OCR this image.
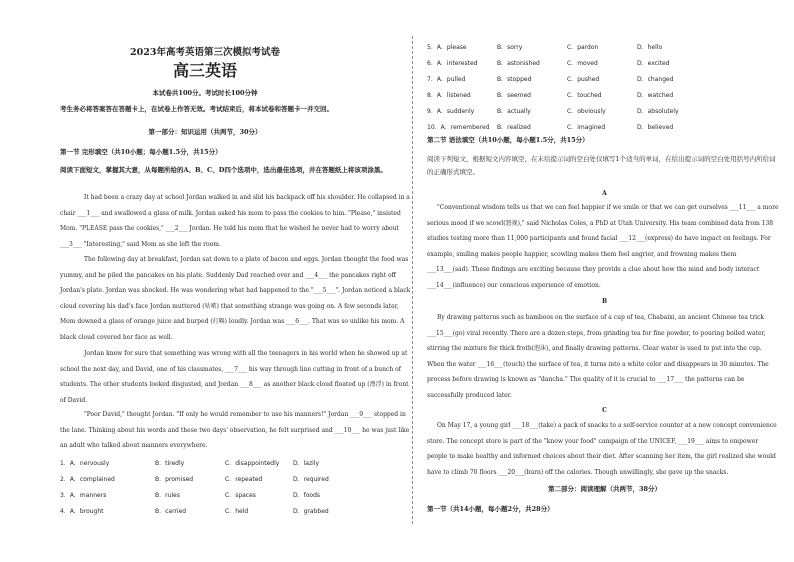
2023年高考英语第三次模拟考试卷
高三英语
本试卷共100分。考试时长100分钟
考生务必将答案答在答题卡上，在试卷上作答无效。考试结束后，将本试卷和答题卡一并交回。
第一部分：知识运用（共两节，30分）
第一节 完形填空（共10小题；每小题1.5分，共15分）
阅读下面短文，掌握其大意，从每题所给的A、B、C、D四个选项中，选出最佳选项，并在答题纸上将该项涂黑。
It had been a crazy day at school Jordan walked in and slid his backpack off his shoulder. He collapsed in a chair ___1___ and swallowed a glass of milk. Jordan asked his mom to pass the cookies to him. "Please," insisted Mom. "PLEASE pass the cookies," ___2___ Jordan. He told his mom that he wished he never had to worry about ___3___ "Interesting," said Mom as she left the room.
The following day at breakfast, Jordan sat down to a plate of bacon and eggs. Jordan thought the food was yummy, and he piled the pancakes on his plate. Suddenly Dad reached over and ___4___ the pancakes right off Jordan's plate. Jordan was shocked. He was wondering what had happened to the "___5___". Jordan noticed a black cloud covering his dad's face Jordan muttered (咕哝) that something strange was going on. A few seconds later, Mom downed a glass of orange juice and burped (打嗝) loudly. Jordan was ___6___. That was so unlike his mom. A black cloud covered her face as well.
Jordan knew for sure that something was wrong with all the teenagers in his world when he showed up at school the next day, and David, one of his classmates, ___7___ his way through line cutting in front of a bunch of students. The other students looked disgusted, and Jordan ___8___ as another black cloud floated up (漂浮) in front of David.
"Poor David," thought Jordan. "If only he would remember to use his manners!" Jordan ___9___ stopped in the lane. Thinking about his words and these two days' observation, he felt surprised and ___10___ he was just like an adult who talked about manners everywhere.
1．A．nervously	B．tiredly	C．disappointedly D．lazily
2．A．complained	B．promised	C．repeated	D．required
3．A．manners	B．rules	C．spaces	D．foods
4．A．brought	B．carried	C．held	D．grabbed
5．A．please	B．sorry	C．pardon	D．hello
6．A．interested	B．astonished	C．moved	D．excited
7．A．pulled	B．stopped	C．pushed	D．changed
8．A．listened	B．seemed	C．touched	D．watched
9．A．suddenly	B．actually	C．obviously	D．absolutely
10．A．remembered B．realized	C．imagined	D．believed
第二节 语法填空（共10小题，每小题1.5分，共15分）
阅读下列短文，根据短文内容填空，在未给提示词的空白处仅填写1个适当的单词，在给出提示词的空白处用括号内所给词的正确形式填空。
A
"Conventional wisdom tells us that we can feel happier if we smile or that we can get ourselves ___11___ a more serious mood if we scowl(怒视)," said Nicholas Coles, a PhD at Utah University. His team combined data from 138 studies testing more than 11,000 participants and found facial ___12___(express) do have impact on feelings. For example, smiling makes people happier, scowling makes them feel angrier, and frowning makes them ___13___(sad). These findings are exciting because they provide a clue about how the mind and body interact ___14___(influence) our conscious experience of emotion.
B
By drawing patterns such as bamboos on the surface of a cup of tea, Chabaixi, an ancient Chinese tea trick ___15___(go) viral recently. There are a dozen steps, from grinding tea for fine powder, to pouring boiled water, stirring the mixture for thick froth(泡沫), and finally drawing patterns. Clear water is used to put into the cup. When the water ___16___(touch) the surface of tea, it turns into a white color and disappears in 30 minutes. The process before drawing is known as "dancha." The quality of it is crucial to ___17___ the patterns can be successfully produced later.
C
On May 17, a young girl ___18___(take) a pack of snacks to a self-service counter at a new concept convenience store. The concept store is part of the "know your food" campaign of the UNICEF, ___19___ aims to empower people to make healthy and informed choices about their diet. After scanning her item, the girl realized she would have to climb 70 floors ___20___(burn) off the calories. Though unwillingly, she gave up the snacks.
第二部分：阅读理解（共两节，38分）
第一节（共14小题，每小题2分，共28分）
